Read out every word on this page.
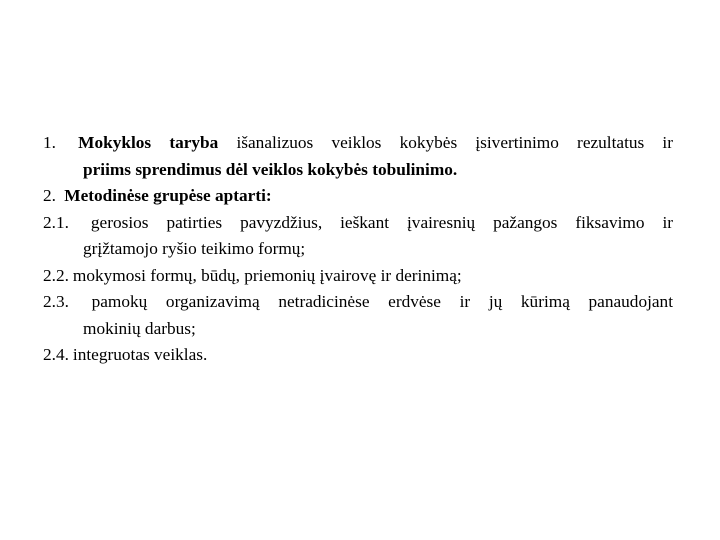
1. Mokyklos taryba išanalizuos veiklos kokybės įsivertinimo rezultatus ir
priims sprendimus dėl veiklos kokybės tobulinimo.
2. Metodinėse grupėse aptarti:
2.1. gerosios patirties pavyzdžius, ieškant įvairesnių pažangos fiksavimo ir
grįžtamojo ryšio teikimo formų;
2.2. mokymosi formų, būdų, priemonių įvairovę ir derinimą;
2.3. pamokų organizavimą netradicinėse erdvėse ir jų kūrimą panaudojant
mokinių darbus;
2.4. integruotas veiklas.
